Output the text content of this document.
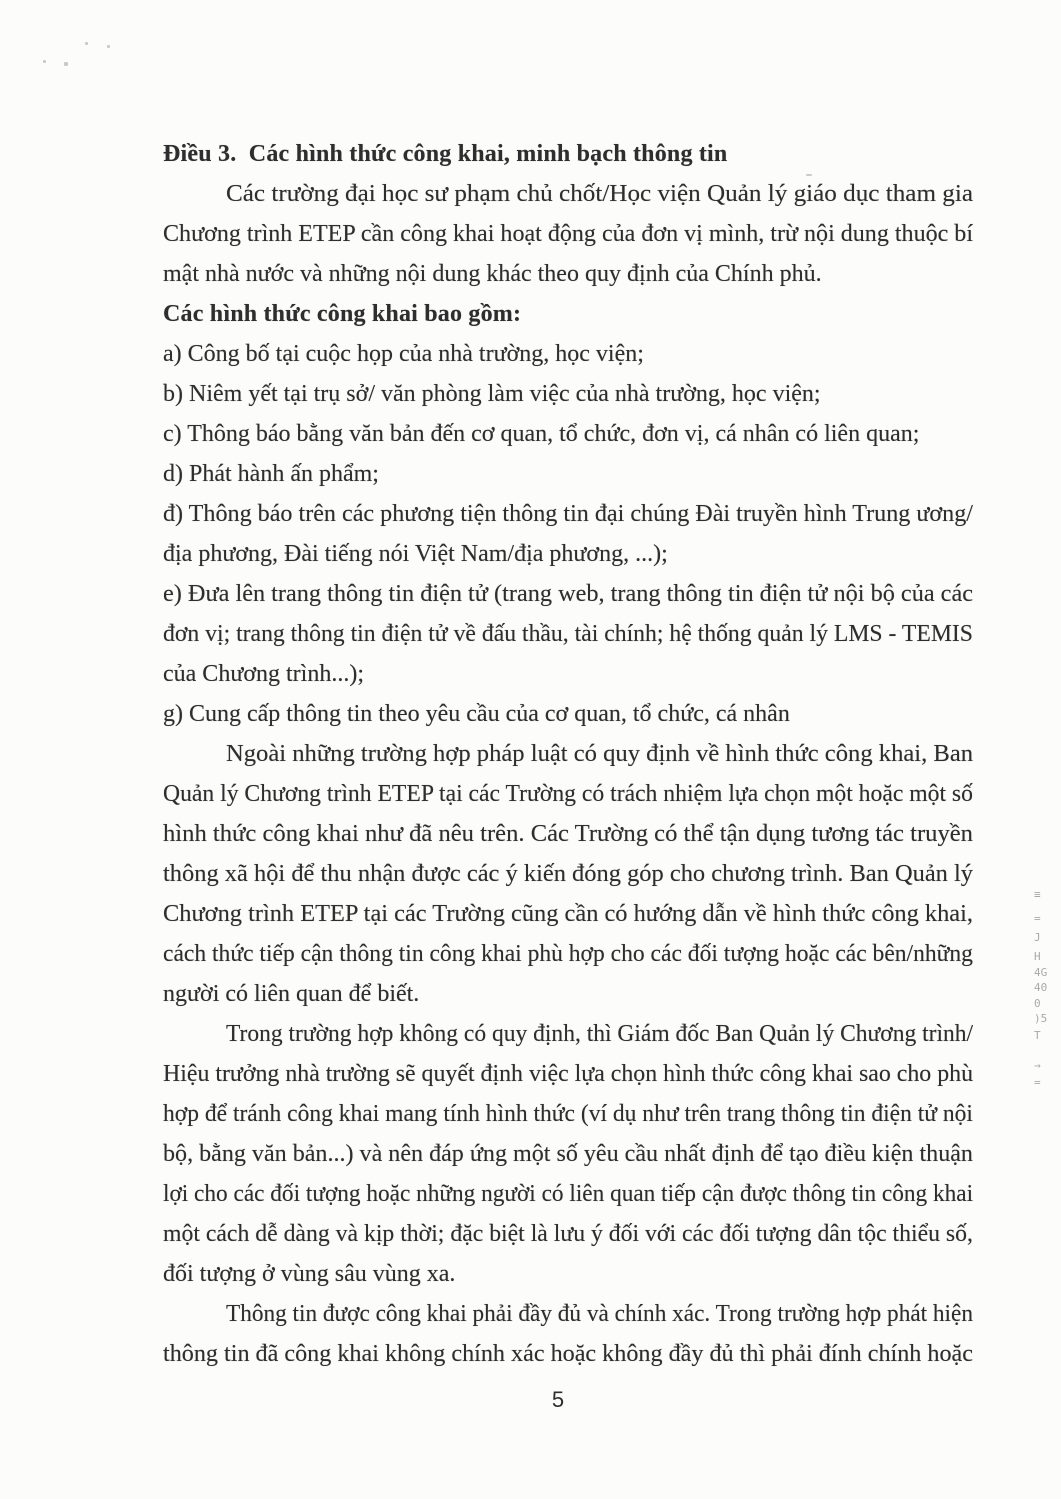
Điều 3.  Các hình thức công khai, minh bạch thông tin
Các trường đại học sư phạm chủ chốt/Học viện Quản lý giáo dục tham gia
Chương trình ETEP cần công khai hoạt động của đơn vị mình, trừ nội dung thuộc bí
mật nhà nước và những nội dung khác theo quy định của Chính phủ.
Các hình thức công khai bao gồm:
a) Công bố tại cuộc họp của nhà trường, học viện;
b) Niêm yết tại trụ sở/ văn phòng làm việc của nhà trường, học viện;
c) Thông báo bằng văn bản đến cơ quan, tổ chức, đơn vị, cá nhân có liên quan;
d) Phát hành ấn phẩm;
đ) Thông báo trên các phương tiện thông tin đại chúng Đài truyền hình Trung ương/
địa phương, Đài tiếng nói Việt Nam/địa phương, ...);
e) Đưa lên trang thông tin điện tử (trang web, trang thông tin điện tử nội bộ của các
đơn vị; trang thông tin điện tử về đấu thầu, tài chính; hệ thống quản lý LMS - TEMIS
của Chương trình...);
g) Cung cấp thông tin theo yêu cầu của cơ quan, tổ chức, cá nhân
Ngoài những trường hợp pháp luật có quy định về hình thức công khai, Ban
Quản lý Chương trình ETEP tại các Trường có trách nhiệm lựa chọn một hoặc một số
hình thức công khai như đã nêu trên. Các Trường có thể tận dụng tương tác truyền
thông xã hội để thu nhận được các ý kiến đóng góp cho chương trình. Ban Quản lý
Chương trình ETEP tại các Trường cũng cần có hướng dẫn về hình thức công khai,
cách thức tiếp cận thông tin công khai phù hợp cho các đối tượng hoặc các bên/những
người có liên quan để biết.
Trong trường hợp không có quy định, thì Giám đốc Ban Quản lý Chương trình/
Hiệu trưởng nhà trường sẽ quyết định việc lựa chọn hình thức công khai sao cho phù
hợp để tránh công khai mang tính hình thức (ví dụ như trên trang thông tin điện tử nội
bộ, bằng văn bản...) và nên đáp ứng một số yêu cầu nhất định để tạo điều kiện thuận
lợi cho các đối tượng hoặc những người có liên quan tiếp cận được thông tin công khai
một cách dễ dàng và kịp thời; đặc biệt là lưu ý đối với các đối tượng dân tộc thiểu số,
đối tượng ở vùng sâu vùng xa.
Thông tin được công khai phải đầy đủ và chính xác. Trong trường hợp phát hiện
thông tin đã công khai không chính xác hoặc không đầy đủ thì phải đính chính hoặc
5
≡
=
J
H
4G
40
0
)5
T
→
=
